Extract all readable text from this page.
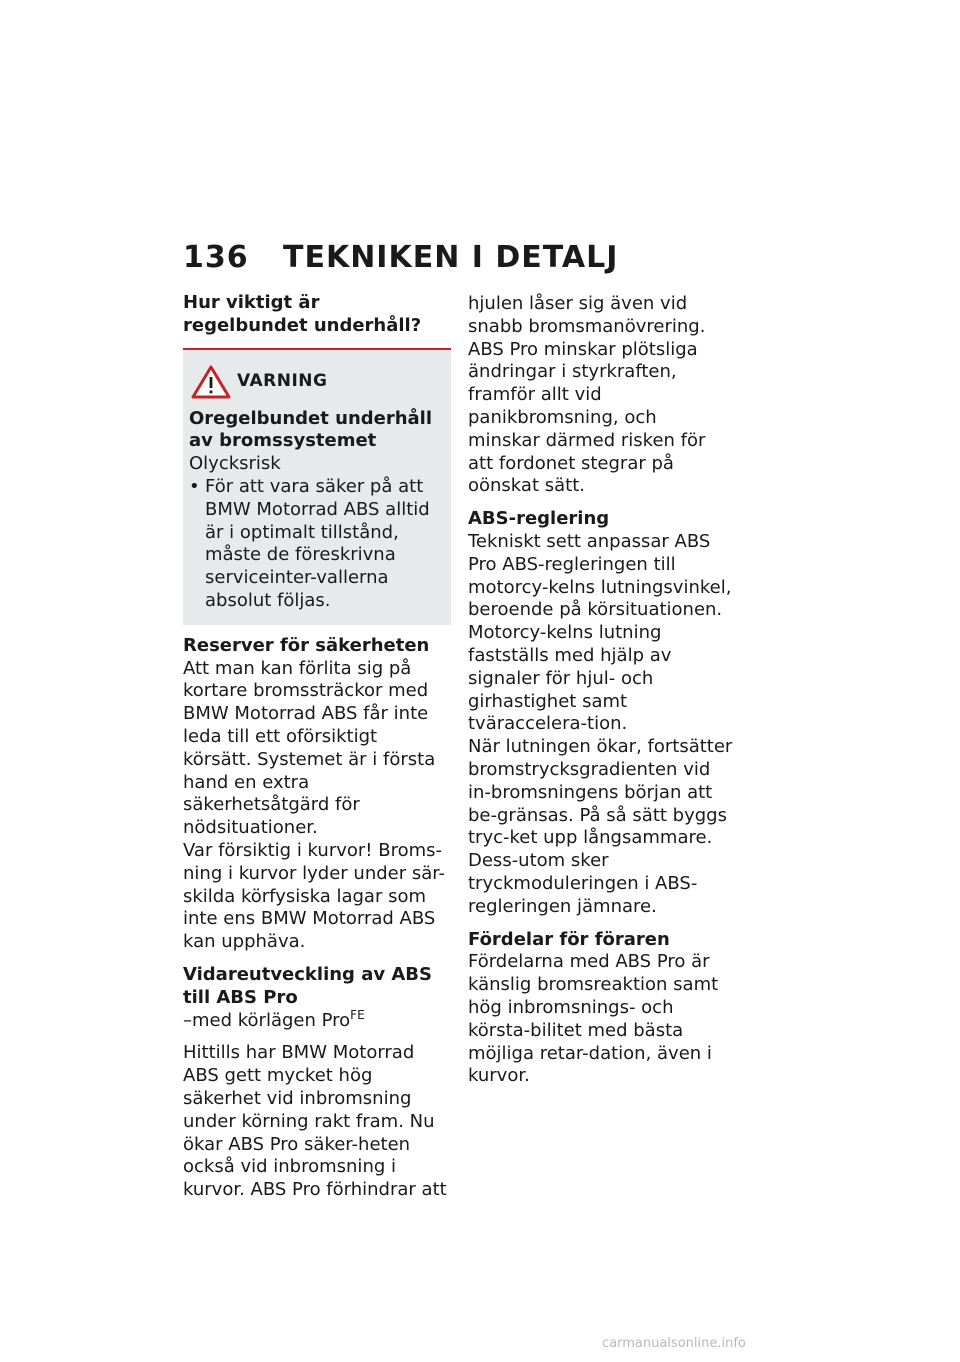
136 TEKNIKEN I DETALJ
Hur viktigt är regelbundet underhåll?
VARNING
Oregelbundet underhåll av bromssystemet
Olycksrisk
• För att vara säker på att BMW Motorrad ABS alltid är i optimalt tillstånd, måste de föreskrivna serviceinter-vallerna absolut följas.
Reserver för säkerheten
Att man kan förlita sig på kortare bromssträckor med BMW Motorrad ABS får inte leda till ett oförsiktigt körsätt. Systemet är i första hand en extra säkerhetsåtgärd för nödsituationer.
Var försiktig i kurvor! Broms-ning i kurvor lyder under sär-skilda körfysiska lagar som inte ens BMW Motorrad ABS kan upphäva.
Vidareutveckling av ABS till ABS Pro
–med körlägen Pro$^{FE}$
Hittills har BMW Motorrad ABS gett mycket hög säkerhet vid inbromsning under körning rakt fram. Nu ökar ABS Pro säker-heten också vid inbromsning i kurvor. ABS Pro förhindrar att
hjulen låser sig även vid snabb bromsmanövrering. ABS Pro minskar plötsliga ändringar i styrkraften, framför allt vid panikbromsning, och minskar därmed risken för att fordonet stegrar på oönskat sätt.
ABS-reglering
Tekniskt sett anpassar ABS Pro ABS-regleringen till motorcy-kelns lutningsvinkel, beroende på körsituationen. Motorcy-kelns lutning fastställs med hjälp av signaler för hjul- och girhastighet samt tväraccelera-tion.
När lutningen ökar, fortsätter bromstrycksgradienten vid in-bromsningens början att be-gränsas. På så sätt byggs tryc-ket upp långsammare. Dess-utom sker tryckmoduleringen i ABS-regleringen jämnare.
Fördelar för föraren
Fördelarna med ABS Pro är känslig bromsreaktion samt hög inbromsnings- och körsta-bilitet med bästa möjliga retar-dation, även i kurvor.
carmanualsonline.info
